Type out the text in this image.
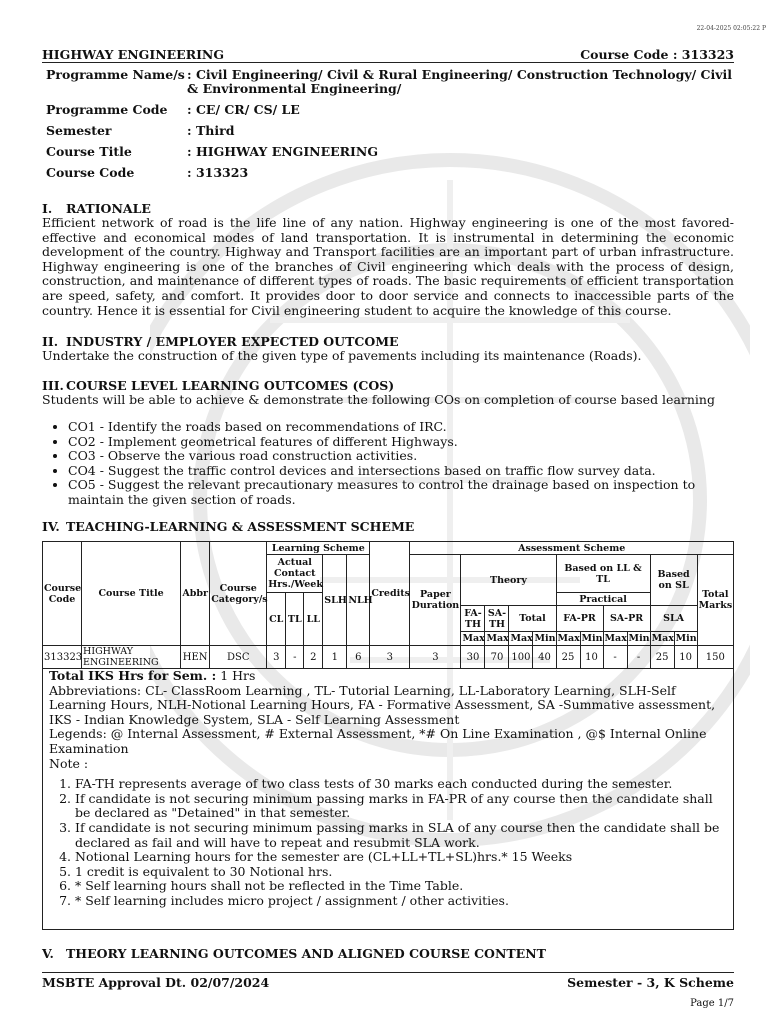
22-04-2025 02:05:22 P
HIGHWAY ENGINEERING	Course Code : 313323
Programme Name/s : Civil Engineering/ Civil & Rural Engineering/ Construction Technology/ Civil & Environmental Engineering/
Programme Code	: CE/ CR/ CS/ LE
Semester	: Third
Course Title	: HIGHWAY ENGINEERING
Course Code	: 313323
I. RATIONALE
Efficient network of road is the life line of any nation. Highway engineering is one of the most favored-effective and economical modes of land transportation. It is instrumental in determining the economic development of the country. Highway and Transport facilities are an important part of urban infrastructure. Highway engineering is one of the branches of Civil engineering which deals with the process of design, construction, and maintenance of different types of roads. The basic requirements of efficient transportation are speed, safety, and comfort. It provides door to door service and connects to inaccessible parts of the country. Hence it is essential for Civil engineering student to acquire the knowledge of this course.
II. INDUSTRY / EMPLOYER EXPECTED OUTCOME
Undertake the construction of the given type of pavements including its maintenance (Roads).
III. COURSE LEVEL LEARNING OUTCOMES (COS)
Students will be able to achieve & demonstrate the following COs on completion of course based learning
• CO1 - Identify the roads based on recommendations of IRC.
• CO2 - Implement geometrical features of different Highways.
• CO3 - Observe the various road construction activities.
• CO4 - Suggest the traffic control devices and intersections based on traffic flow survey data.
• CO5 - Suggest the relevant precautionary measures to control the drainage based on inspection to maintain the given section of roads.
IV. TEACHING-LEARNING & ASSESSMENT SCHEME
Course Code	Course Title	Abbr	Course Category/s	Learning Scheme					Credits	Assessment Scheme											
				Actual Contact Hrs./Week			SLH	NLH		Paper Duration	Theory				Based on LL & TL				Based on SL		Total Marks
				CL	TL	LL									Practical						
											FA-TH	SA-TH	Total		FA-PR		SA-PR		SLA		
											Max	Max	Max	Min	Max	Min	Max	Min	Max	Min	
313323	HIGHWAY ENGINEERING	HEN	DSC	3	-	2	1	6	3	3	30	70	100	40	25	10	-	-	25	10	150
Total IKS Hrs for Sem. : 1 Hrs
Abbreviations: CL- ClassRoom Learning , TL- Tutorial Learning, LL-Laboratory Learning, SLH-Self Learning Hours, NLH-Notional Learning Hours, FA - Formative Assessment, SA -Summative assessment, IKS - Indian Knowledge System, SLA - Self Learning Assessment
Legends: @ Internal Assessment, # External Assessment, *# On Line Examination , @$ Internal Online Examination
Note :
1. FA-TH represents average of two class tests of 30 marks each conducted during the semester.
2. If candidate is not securing minimum passing marks in FA-PR of any course then the candidate shall be declared as "Detained" in that semester.
3. If candidate is not securing minimum passing marks in SLA of any course then the candidate shall be declared as fail and will have to repeat and resubmit SLA work.
4. Notional Learning hours for the semester are (CL+LL+TL+SL)hrs.* 15 Weeks
5. 1 credit is equivalent to 30 Notional hrs.
6. * Self learning hours shall not be reflected in the Time Table.
7. * Self learning includes micro project / assignment / other activities.
V. THEORY LEARNING OUTCOMES AND ALIGNED COURSE CONTENT
MSBTE Approval Dt. 02/07/2024	Semester - 3, K Scheme
Page 1/7
